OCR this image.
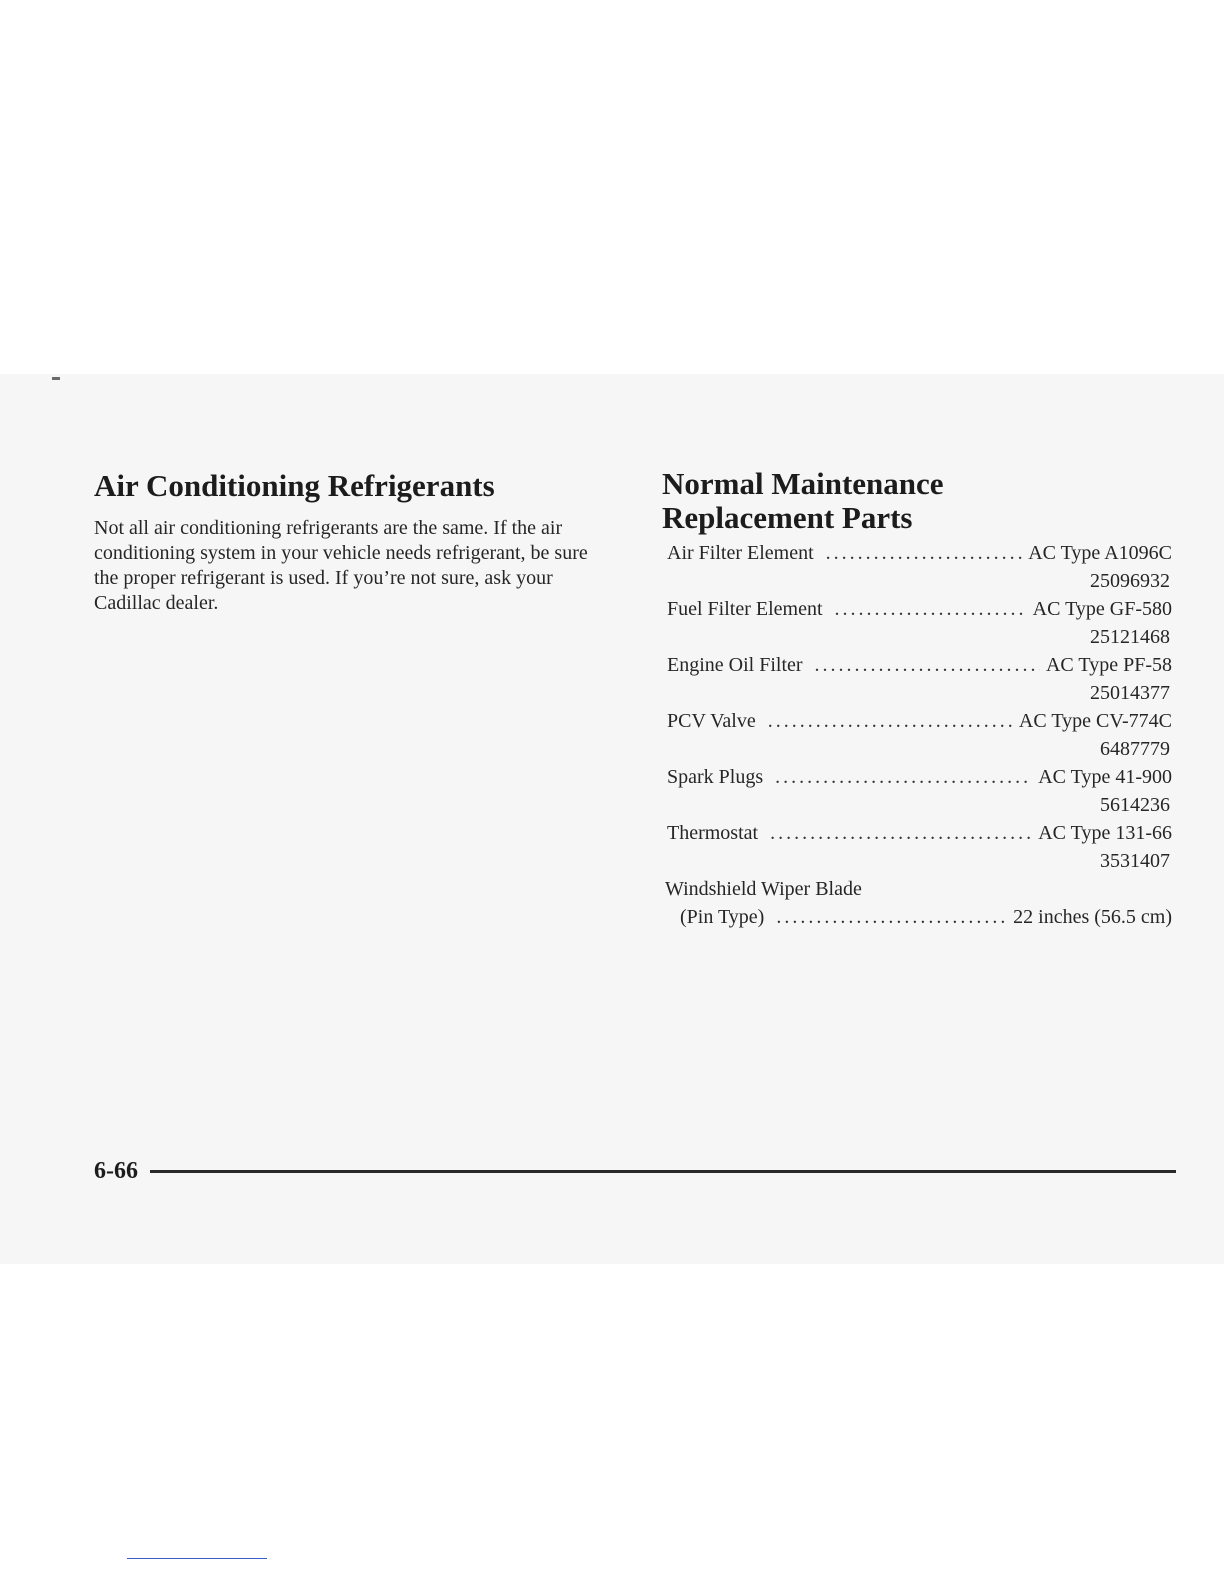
Air Conditioning Refrigerants

Not all air conditioning refrigerants are the same. If the air conditioning system in your vehicle needs refrigerant, be sure the proper refrigerant is used. If you’re not sure, ask your Cadillac dealer.

Normal Maintenance
Replacement Parts
Air Filter Element .....	AC Type A1096C
25096932
Fuel Filter Element .....	AC Type GF-580
25121468
Engine Oil Filter .....	AC Type PF-58
25014377
PCV Valve .....	AC Type CV-774C
6487779
Spark Plugs .....	AC Type 41-900
5614236
Thermostat .....	AC Type 131-66
3531407
Windshield Wiper Blade
(Pin Type) .....	22 inches (56.5 cm)
6-66
